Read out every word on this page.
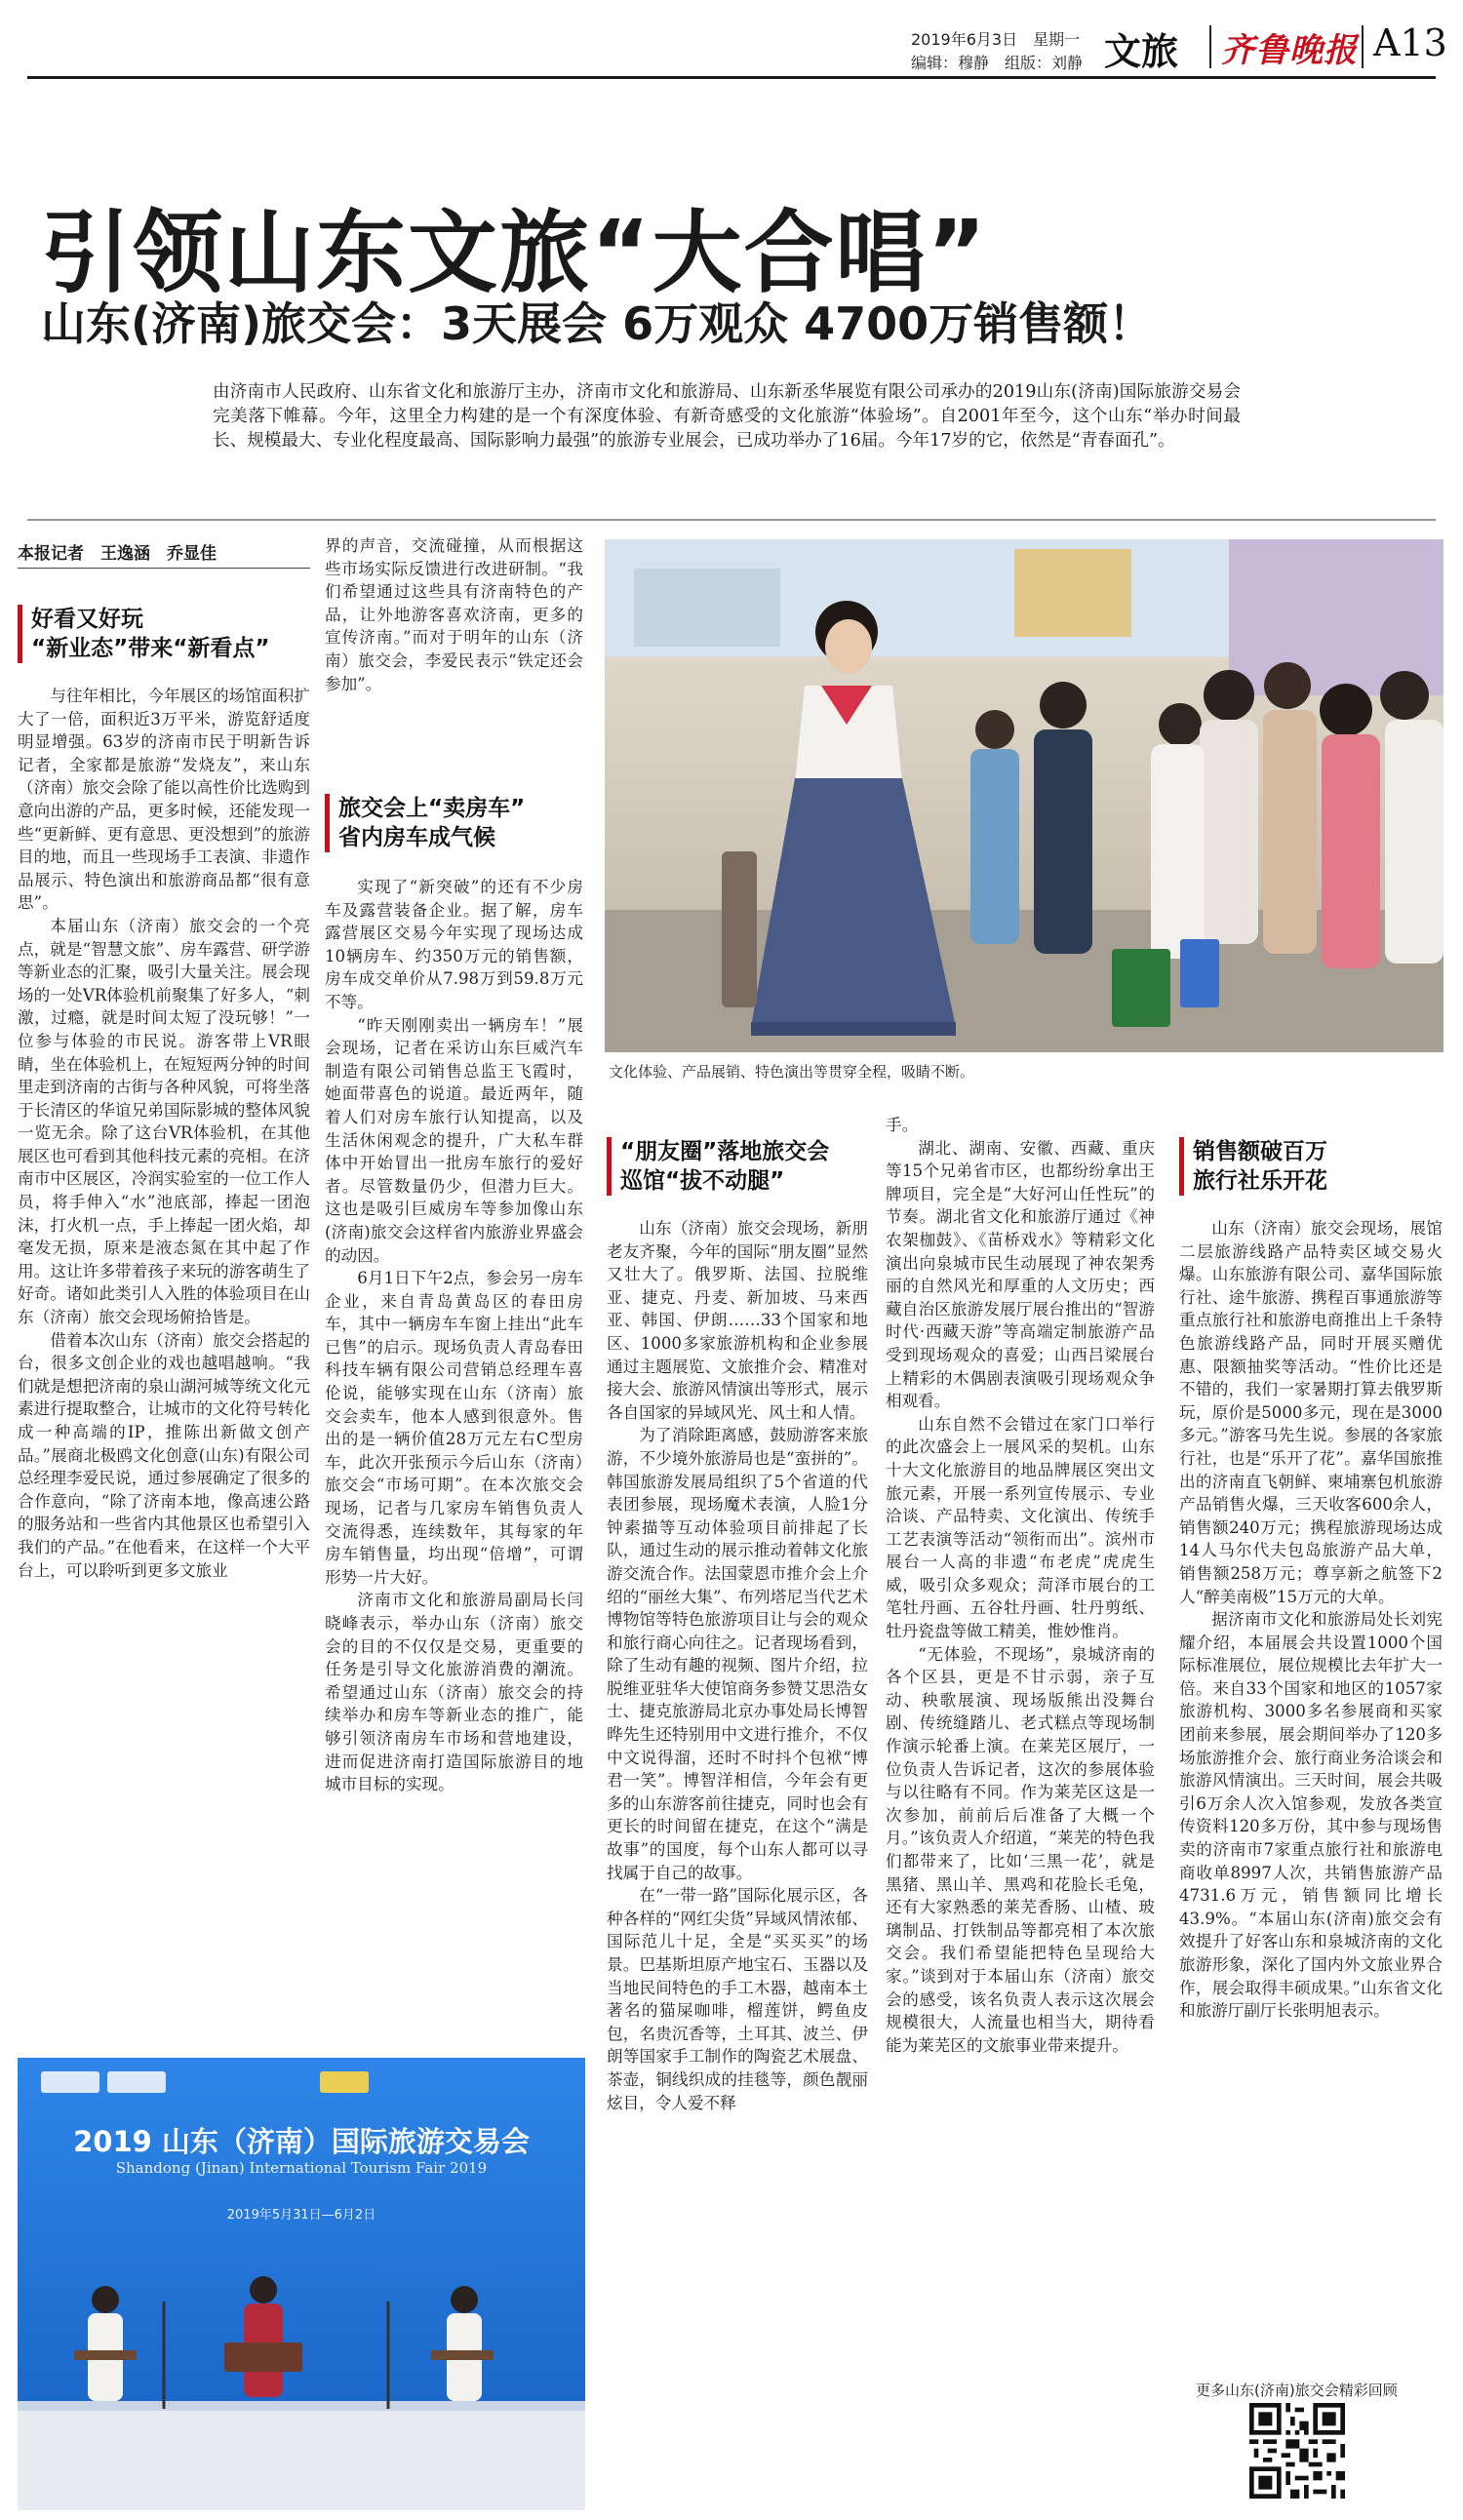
2019年6月3日　星期一
编辑：穆静　组版：刘静 文旅 齐鲁晚报 A13
引领山东文旅“大合唱”
山东(济南)旅交会：3天展会 6万观众 4700万销售额！
由济南市人民政府、山东省文化和旅游厅主办，济南市文化和旅游局、山东新丞华展览有限公司承办的2019山东(济南)国际旅游交易会完美落下帷幕。今年，这里全力构建的是一个有深度体验、有新奇感受的文化旅游“体验场”。自2001年至今，这个山东“举办时间最长、规模最大、专业化程度最高、国际影响力最强”的旅游专业展会，已成功举办了16届。今年17岁的它，依然是“青春面孔”。
本报记者　王逸涵　乔显佳
好看又好玩
“新业态”带来“新看点”

与往年相比，今年展区的场馆面积扩大了一倍，面积近3万平米，游览舒适度明显增强。63岁的济南市民于明新告诉记者，全家都是旅游“发烧友”，来山东（济南）旅交会除了能以高性价比选购到意向出游的产品，更多时候，还能发现一些“更新鲜、更有意思、更没想到”的旅游目的地，而且一些现场手工表演、非遗作品展示、特色演出和旅游商品都“很有意思”。

本届山东（济南）旅交会的一个亮点，就是“智慧文旅”、房车露营、研学游等新业态的汇聚，吸引大量关注。展会现场的一处VR体验机前聚集了好多人，“刺激，过瘾，就是时间太短了没玩够！”一位参与体验的市民说。游客带上VR眼睛，坐在体验机上，在短短两分钟的时间里走到济南的古街与各种风貌，可将坐落于长清区的华谊兄弟国际影城的整体风貌一览无余。除了这台VR体验机，在其他展区也可看到其他科技元素的亮相。在济南市中区展区，冷润实验室的一位工作人员，将手伸入“水”池底部，捧起一团泡沫，打火机一点，手上捧起一团火焰，却毫发无损，原来是液态氮在其中起了作用。这让许多带着孩子来玩的游客萌生了好奇。诸如此类引人入胜的体验项目在山东（济南）旅交会现场俯拾皆是。

借着本次山东（济南）旅交会搭起的台，很多文创企业的戏也越唱越响。“我们就是想把济南的泉山湖河城等统文化元素进行提取整合，让城市的文化符号转化成一种高端的IP，推陈出新做文创产品。”展商北极鸥文化创意(山东)有限公司总经理李爱民说，通过参展确定了很多的合作意向，“除了济南本地，像高速公路的服务站和一些省内其他景区也希望引入我们的产品。”在他看来，在这样一个大平台上，可以聆听到更多文旅业

界的声音，交流碰撞，从而根据这些市场实际反馈进行改进研制。“我们希望通过这些具有济南特色的产品，让外地游客喜欢济南，更多的宣传济南。”而对于明年的山东（济南）旅交会，李爱民表示“铁定还会参加”。

旅交会上“卖房车”
省内房车成气候

实现了“新突破”的还有不少房车及露营装备企业。据了解，房车露营展区交易今年实现了现场达成10辆房车、约350万元的销售额，房车成交单价从7.98万到59.8万元不等。

“昨天刚刚卖出一辆房车！”展会现场，记者在采访山东巨威汽车制造有限公司销售总监王飞霞时，她面带喜色的说道。最近两年，随着人们对房车旅行认知提高，以及生活休闲观念的提升，广大私车群体中开始冒出一批房车旅行的爱好者。尽管数量仍少，但潜力巨大。这也是吸引巨威房车等参加像山东(济南)旅交会这样省内旅游业界盛会的动因。

6月1日下午2点，参会另一房车企业，来自青岛黄岛区的春田房车，其中一辆房车车窗上挂出“此车已售”的启示。现场负责人青岛春田科技车辆有限公司营销总经理车喜伦说，能够实现在山东（济南）旅交会卖车，他本人感到很意外。售出的是一辆价值28万元左右C型房车，此次开张预示今后山东（济南）旅交会“市场可期”。在本次旅交会现场，记者与几家房车销售负责人交流得悉，连续数年，其每家的年房车销售量，均出现“倍增”，可谓形势一片大好。

济南市文化和旅游局副局长闫晓峰表示，举办山东（济南）旅交会的目的不仅仅是交易，更重要的任务是引导文化旅游消费的潮流。希望通过山东（济南）旅交会的持续举办和房车等新业态的推广，能够引领济南房车市场和营地建设，进而促进济南打造国际旅游目的地城市目标的实现。

文化体验、产品展销、特色演出等贯穿全程，吸睛不断。
“朋友圈”落地旅交会
巡馆“拔不动腿”

山东（济南）旅交会现场，新朋老友齐聚，今年的国际“朋友圈”显然又壮大了。俄罗斯、法国、拉脱维亚、捷克、丹麦、新加坡、马来西亚、韩国、伊朗……33个国家和地区、1000多家旅游机构和企业参展通过主题展览、文旅推介会、精准对接大会、旅游风情演出等形式，展示各自国家的异域风光、风土和人情。

为了消除距离感，鼓励游客来旅游，不少境外旅游局也是“蛮拼的”。韩国旅游发展局组织了5个省道的代表团参展，现场魔术表演，人脸1分钟素描等互动体验项目前排起了长队，通过生动的展示推动着韩文化旅游交流合作。法国蒙恩市推介会上介绍的“丽丝大集”、布列塔尼当代艺术博物馆等特色旅游项目让与会的观众和旅行商心向往之。记者现场看到，除了生动有趣的视频、图片介绍，拉脱维亚驻华大使馆商务参赞艾思浩女士、捷克旅游局北京办事处局长博智晔先生还特别用中文进行推介，不仅中文说得溜，还时不时抖个包袱“博君一笑”。博智洋相信，今年会有更多的山东游客前往捷克，同时也会有更长的时间留在捷克，在这个“满是故事”的国度，每个山东人都可以寻找属于自己的故事。

在“一带一路”国际化展示区，各种各样的“网红尖货”异域风情浓郁、国际范儿十足，全是“买买买”的场景。巴基斯坦原产地宝石、玉器以及当地民间特色的手工木器，越南本土著名的猫屎咖啡，榴莲饼，鳄鱼皮包，名贵沉香等，土耳其、波兰、伊朗等国家手工制作的陶瓷艺术展盘、茶壶，铜线织成的挂毯等，颜色靓丽炫目，令人爱不释

手。

湖北、湖南、安徽、西藏、重庆等15个兄弟省市区，也都纷纷拿出王牌项目，完全是“大好河山任性玩”的节奏。湖北省文化和旅游厅通过《神农架枷鼓》、《苗桥戏水》等精彩文化演出向泉城市民生动展现了神农架秀丽的自然风光和厚重的人文历史；西藏自治区旅游发展厅展台推出的“智游时代·西藏天游”等高端定制旅游产品受到现场观众的喜爱；山西吕梁展台上精彩的木偶剧表演吸引现场观众争相观看。

山东自然不会错过在家门口举行的此次盛会上一展风采的契机。山东十大文化旅游目的地品牌展区突出文旅元素，开展一系列宣传展示、专业洽谈、产品特卖、文化演出、传统手工艺表演等活动“领衔而出”。滨州市展台一人高的非遗“布老虎”虎虎生威，吸引众多观众；菏泽市展台的工笔牡丹画、五谷牡丹画、牡丹剪纸、牡丹瓷盘等做工精美，惟妙惟肖。

“无体验，不现场”，泉城济南的各个区县，更是不甘示弱，亲子互动、秧歌展演、现场版熊出没舞台剧、传统缝踏儿、老式糕点等现场制作演示轮番上演。在莱芜区展厅，一位负责人告诉记者，这次的参展体验与以往略有不同。作为莱芜区这是一次参加，前前后后准备了大概一个月。”该负责人介绍道，“莱芜的特色我们都带来了，比如‘三黑一花’，就是黑猪、黑山羊、黑鸡和花脸长毛兔，还有大家熟悉的莱芜香肠、山楂、玻璃制品、打铁制品等都亮相了本次旅交会。我们希望能把特色呈现给大家。”谈到对于本届山东（济南）旅交会的感受，该名负责人表示这次展会规模很大，人流量也相当大，期待看能为莱芜区的文旅事业带来提升。

销售额破百万
旅行社乐开花

山东（济南）旅交会现场，展馆二层旅游线路产品特卖区域交易火爆。山东旅游有限公司、嘉华国际旅行社、途牛旅游、携程百事通旅游等重点旅行社和旅游电商推出上千条特色旅游线路产品，同时开展买赠优惠、限额抽奖等活动。“性价比还是不错的，我们一家暑期打算去俄罗斯玩，原价是5000多元，现在是3000多元。”游客马先生说。参展的各家旅行社，也是“乐开了花”。嘉华国旅推出的济南直飞朝鲜、柬埔寨包机旅游产品销售火爆，三天收客600余人，销售额240万元；携程旅游现场达成14人马尔代夫包岛旅游产品大单，销售额258万元；尊享新之航签下2人“醉美南极”15万元的大单。

据济南市文化和旅游局处长刘宪耀介绍，本届展会共设置1000个国际标准展位，展位规模比去年扩大一倍。来自33个国家和地区的1057家旅游机构、3000多名参展商和买家团前来参展，展会期间举办了120多场旅游推介会、旅行商业务洽谈会和旅游风情演出。三天时间，展会共吸引6万余人次入馆参观，发放各类宣传资料120多万份，其中参与现场售卖的济南市7家重点旅行社和旅游电商收单8997人次，共销售旅游产品4731.6万元，销售额同比增长43.9%。“本届山东(济南)旅交会有效提升了好客山东和泉城济南的文化旅游形象，深化了国内外文旅业界合作，展会取得丰硕成果。”山东省文化和旅游厅副厅长张明旭表示。

更多山东(济南)旅交会精彩回顾
2019 山东（济南）国际旅游交易会
Shandong (Jinan) International Tourism Fair 2019
2019年5月31日—6月2日
